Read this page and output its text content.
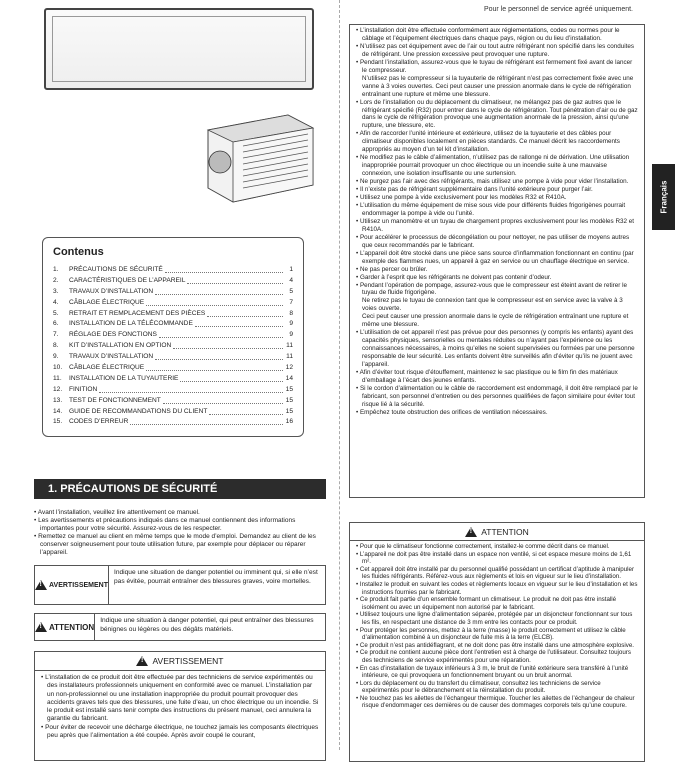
Pour le personnel de service agréé uniquement.
Contenus
1.	PRÉCAUTIONS DE SÉCURITÉ	1
2.	CARACTÉRISTIQUES DE L’APPAREIL	4
3.	TRAVAUX D’INSTALLATION	5
4.	CÂBLAGE ÉLECTRIQUE	7
5.	RETRAIT ET REMPLACEMENT DES PIÈCES	8
6.	INSTALLATION DE LA TÉLÉCOMMANDE	9
7.	RÉGLAGE DES FONCTIONS	9
8.	KIT D’INSTALLATION EN OPTION	11
9.	TRAVAUX D’INSTALLATION	11
10.	CÂBLAGE ÉLECTRIQUE	12
11.	INSTALLATION DE LA TUYAUTERIE	14
12.	FINITION	15
13.	TEST DE FONCTIONNEMENT	15
14.	GUIDE DE RECOMMANDATIONS DU CLIENT	15
15.	CODES D’ERREUR	16
1. PRÉCAUTIONS DE SÉCURITÉ
• Avant l’installation, veuillez lire attentivement ce manuel.
• Les avertissements et précautions indiqués dans ce manuel contiennent des informations importantes pour votre sécurité. Assurez-vous de les respecter.
• Remettez ce manuel au client en même temps que le mode d’emploi. Demandez au client de les conserver soigneusement pour toute utilisation future, par exemple pour déplacer ou réparer l’appareil.
!
AVERTISSEMENT
Indique une situation de danger potentiel ou imminent qui, si elle n’est pas évitée, pourrait entraîner des blessures graves, voire mortelles.
!
ATTENTION
Indique une situation à danger potentiel, qui peut entraîner des blessures bénignes ou légères ou des dégâts matériels.
!
AVERTISSEMENT
• L’installation de ce produit doit être effectuée par des techniciens de service expérimentés ou des installateurs professionnels uniquement en conformité avec ce manuel. L’installation par un non-professionnel ou une installation inappropriée du produit pourrait provoquer des accidents graves tels que des blessures, une fuite d’eau, un choc électrique ou un incendie. Si le produit est installé sans tenir compte des instructions du présent manuel, ceci annulera la garantie du fabricant.
• Pour éviter de recevoir une décharge électrique, ne touchez jamais les composants électriques peu après que l’alimentation a été coupée. Après avoir coupé le courant,
• L’installation doit être effectuée conformément aux réglementations, codes ou normes pour le câblage et l’équipement électriques dans chaque pays, région ou du lieu d’installation.
• N’utilisez pas cet équipement avec de l’air ou tout autre réfrigérant non spécifié dans les conduites de réfrigérant. Une pression excessive peut provoquer une rupture.
• Pendant l’installation, assurez-vous que le tuyau de réfrigérant est fermement fixé avant de lancer le compresseur.
N’utilisez pas le compresseur si la tuyauterie de réfrigérant n’est pas correctement fixée avec une vanne à 3 voies ouvertes. Ceci peut causer une pression anormale dans le cycle de réfrigération entraînant une rupture et même une blessure.
• Lors de l’installation ou du déplacement du climatiseur, ne mélangez pas de gaz autres que le réfrigérant spécifié (R32) pour entrer dans le cycle de réfrigération. Tout pénétration d’air ou de gaz dans le cycle de réfrigération provoque une augmentation anormale de la pression, ainsi qu’une rupture, une blessure, etc.
• Afin de raccorder l’unité intérieure et extérieure, utilisez de la tuyauterie et des câbles pour climatiseur disponibles localement en pièces standards. Ce manuel décrit les raccordements appropriés au moyen d’un tel kit d’installation.
• Ne modifiez pas le câble d’alimentation, n’utilisez pas de rallonge ni de dérivation. Une utilisation inappropriée pourrait provoquer un choc électrique ou un incendie suite à une mauvaise connexion, une isolation insuffisante ou une surtension.
• Ne purgez pas l’air avec des réfrigérants, mais utilisez une pompe à vide pour vider l’installation.
• Il n’existe pas de réfrigérant supplémentaire dans l’unité extérieure pour purger l’air.
• Utilisez une pompe à vide exclusivement pour les modèles R32 et R410A.
• L’utilisation du même équipement de mise sous vide pour différents fluides frigorigènes pourrait endommager la pompe à vide ou l’unité.
• Utilisez un manomètre et un tuyau de chargement propres exclusivement pour les modèles R32 et R410A.
• Pour accélérer le processus de décongélation ou pour nettoyer, ne pas utiliser de moyens autres que ceux recommandés par le fabricant.
• L’appareil doit être stocké dans une pièce sans source d’inflammation fonctionnant en continu (par exemple des flammes nues, un appareil à gaz en service ou un chauffage électrique en service.
• Ne pas percer ou brûler.
• Garder à l’esprit que les réfrigérants ne doivent pas contenir d’odeur.
• Pendant l’opération de pompage, assurez-vous que le compresseur est éteint avant de retirer le tuyau de fluide frigorigène.
Ne retirez pas le tuyau de connexion tant que le compresseur est en service avec la valve à 3 voies ouverte.
Ceci peut causer une pression anormale dans le cycle de réfrigération entraînant une rupture et même une blessure.
• L’utilisation de cet appareil n’est pas prévue pour des personnes (y compris les enfants) ayant des capacités physiques, sensorielles ou mentales réduites ou n’ayant pas l’expérience ou les connaissances nécessaires, à moins qu’elles ne soient supervisées ou formées par une personne responsable de leur sécurité. Les enfants doivent être surveillés afin d’éviter qu’ils ne jouent avec l’appareil.
• Afin d’éviter tout risque d’étouffement, maintenez le sac plastique ou le film fin des matériaux d’emballage à l’écart des jeunes enfants.
• Si le cordon d’alimentation ou le câble de raccordement est endommagé, il doit être remplacé par le fabricant, son personnel d’entretien ou des personnes qualifiées de façon similaire pour éviter tout risque lié à la sécurité.
• Empêchez toute obstruction des orifices de ventilation nécessaires.
!
ATTENTION
• Pour que le climatiseur fonctionne correctement, installez-le comme décrit dans ce manuel.
• L’appareil ne doit pas être installé dans un espace non ventilé, si cet espace mesure moins de 1,61 m².
• Cet appareil doit être installé par du personnel qualifié possédant un certificat d’aptitude à manipuler les fluides réfrigérants. Référez-vous aux règlements et lois en vigueur sur le lieu d’installation.
• Installez le produit en suivant les codes et règlements locaux en vigueur sur le lieu d’installation et les instructions fournies par le fabricant.
• Ce produit fait partie d’un ensemble formant un climatiseur. Le produit ne doit pas être installé isolément ou avec un équipement non autorisé par le fabricant.
• Utilisez toujours une ligne d’alimentation séparée, protégée par un disjoncteur fonctionnant sur tous les fils, en respectant une distance de 3 mm entre les contacts pour ce produit.
• Pour protéger les personnes, mettez à la terre (masse) le produit correctement et utilisez le câble d’alimentation combiné à un disjoncteur de fuite mis à la terre (ELCB).
• Ce produit n’est pas antidéflagrant, et ne doit donc pas être installé dans une atmosphère explosive.
• Ce produit ne contient aucune pièce dont l’entretien est à charge de l’utilisateur. Consultez toujours des techniciens de service expérimentés pour une réparation.
• En cas d’installation de tuyaux inférieurs à 3 m, le bruit de l’unité extérieure sera transféré à l’unité intérieure, ce qui provoquera un fonctionnement bruyant ou un bruit anormal.
• Lors du déplacement ou du transfert du climatiseur, consultez les techniciens de service expérimentés pour le débranchement et la réinstallation du produit.
• Ne touchez pas les ailettes de l’échangeur thermique. Toucher les ailettes de l’échangeur de chaleur risque d’endommager ces dernières ou de causer des dommages corporels tels qu’une coupure.
Français
